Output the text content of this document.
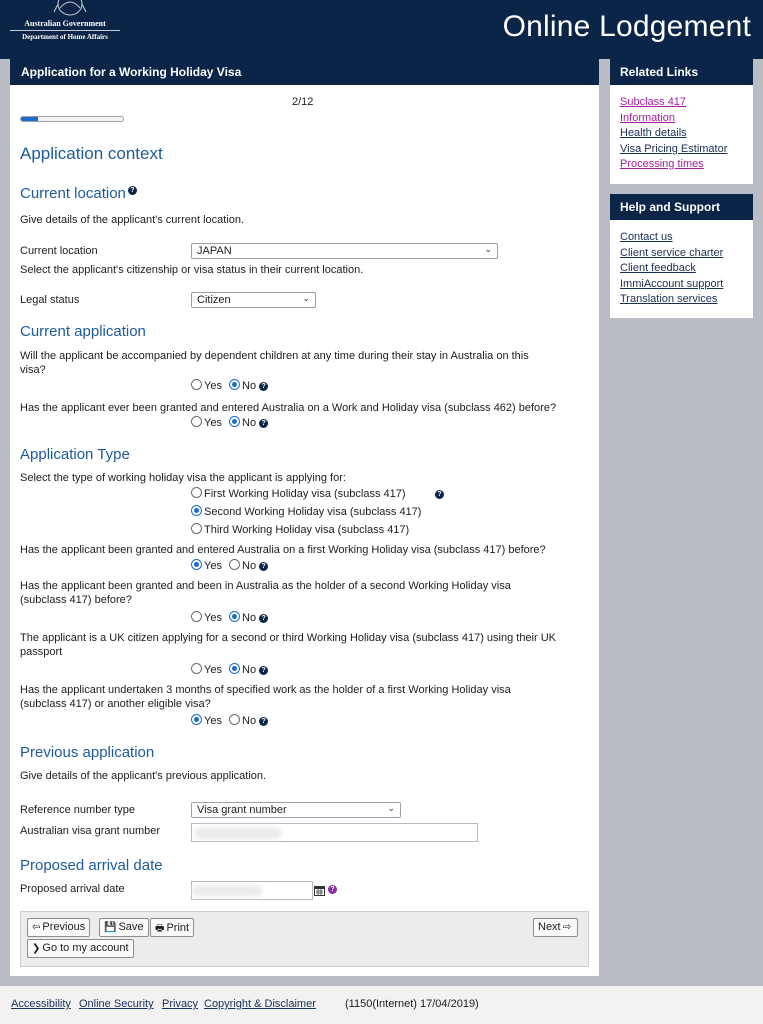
Australian Government
Department of Home Affairs	Online Lodgement
Application for a Working Holiday Visa
2/12
Application context
Current location ?
Give details of the applicant's current location.
Current location	JAPAN	⌄
Select the applicant's citizenship or visa status in their current location.
Legal status	Citizen	⌄
Current application
Will the applicant be accompanied by dependent children at any time during their stay in Australia on this
visa?
Yes No ?
Has the applicant ever been granted and entered Australia on a Work and Holiday visa (subclass 462) before?
Yes No ?
Application Type
Select the type of working holiday visa the applicant is applying for:
First Working Holiday visa (subclass 417)	?
Second Working Holiday visa (subclass 417)
Third Working Holiday visa (subclass 417)
Has the applicant been granted and entered Australia on a first Working Holiday visa (subclass 417) before?
Yes No ?
Has the applicant been granted and been in Australia as the holder of a second Working Holiday visa
(subclass 417) before?
Yes No ?
The applicant is a UK citizen applying for a second or third Working Holiday visa (subclass 417) using their UK
passport
Yes No ?
Has the applicant undertaken 3 months of specified work as the holder of a first Working Holiday visa
(subclass 417) or another eligible visa?
Yes No ?
Previous application
Give details of the applicant's previous application.
Reference number type	Visa grant number	⌄
Australian visa grant number
Proposed arrival date
Proposed arrival date	?
⇦ Previous	💾 Save	🖶 Print	Next ⇨
❯ Go to my account
Related Links
Subclass 417
Information
Health details
Visa Pricing Estimator
Processing times
Help and Support
Contact us
Client service charter
Client feedback
ImmiAccount support
Translation services
Accessibility Online Security Privacy Copyright & Disclaimer	(1150(Internet) 17/04/2019)
